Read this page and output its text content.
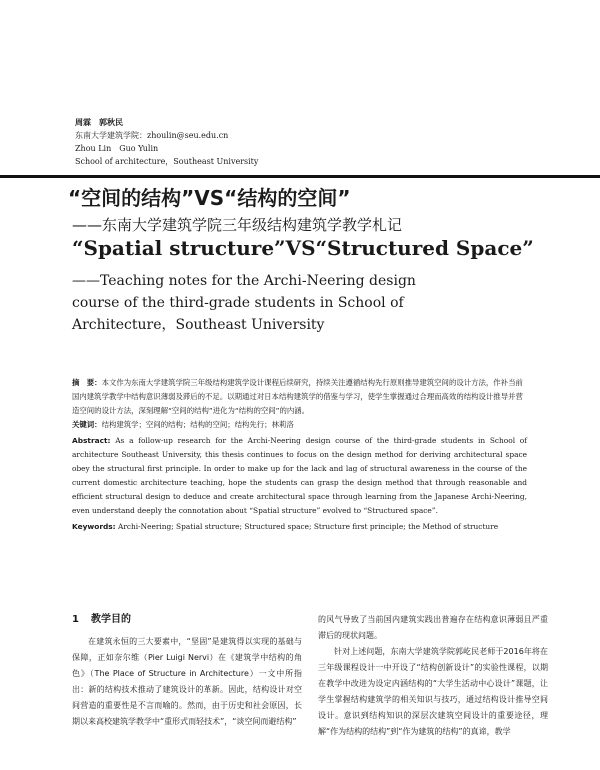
周霖　郭秋民
东南大学建筑学院：zhoulin@seu.edu.cn
Zhou Lin　Guo Yulin
School of architecture，Southeast University
“空间的结构”VS“结构的空间”
——东南大学建筑学院三年级结构建筑学教学札记
“Spatial structure”VS“Structured Space”
——Teaching notes for the Archi-Neering design
course of the third-grade students in School of
Architecture，Southeast University
摘　要：本文作为东南大学建筑学院三年级结构建筑学设计课程后续研究，持续关注遵循结构先行原则推导建筑空间的设计方法，作补当前国内建筑学教学中结构意识薄弱及滞后的不足。以期通过对日本结构建筑学的借鉴与学习，使学生掌握通过合理而高效的结构设计推导并营造空间的设计方法，深刻理解“空间的结构”进化为“结构的空间”的内涵。
关键词：结构建筑学；空间的结构；结构的空间；结构先行；林莉洛
Abstract: As a follow-up research for the Archi-Neering design course of the third-grade students in School of architecture Southeast University, this thesis continues to focus on the design method for deriving architectural space obey the structural first principle. In order to make up for the lack and lag of structural awareness in the course of the current domestic architecture teaching, hope the students can grasp the design method that through reasonable and efficient structural design to deduce and create architectural space through learning from the Japanese Archi-Neering, even understand deeply the connotation about “Spatial structure” evolved to “Structured space”.
Keywords: Archi-Neering; Spatial structure; Structured space; Structure first principle; the Method of structure
1 教学目的
在建筑永恒的三大要素中，“坚固”是建筑得以实现的基础与保障，正如奈尔维（Pier Luigi Nervi）在《建筑学中结构的角色》（The Place of Structure in Architecture）一文中所指出：新的结构技术推动了建筑设计的革新。因此，结构设计对空间营造的重要性是不言而喻的。然而，由于历史和社会原因，长期以来高校建筑学教学中“重形式而轻技术”，“谈空间而避结构”
的风气导致了当前国内建筑实践出普遍存在结构意识薄弱且严重滞后的现状问题。
针对上述问题，东南大学建筑学院郭屹民老师于2016年将在三年级课程设计一中开设了“结构创新设计”的实验性课程，以期在教学中改进为设定内涵结构的“大学生活动中心设计”课题，让学生掌握结构建筑学的相关知识与技巧，通过结构设计推导空间设计。意识到结构知识的深层次建筑空间设计的重要途径，理解“作为结构的结构”到“作为建筑的结构”的真谛，教学
